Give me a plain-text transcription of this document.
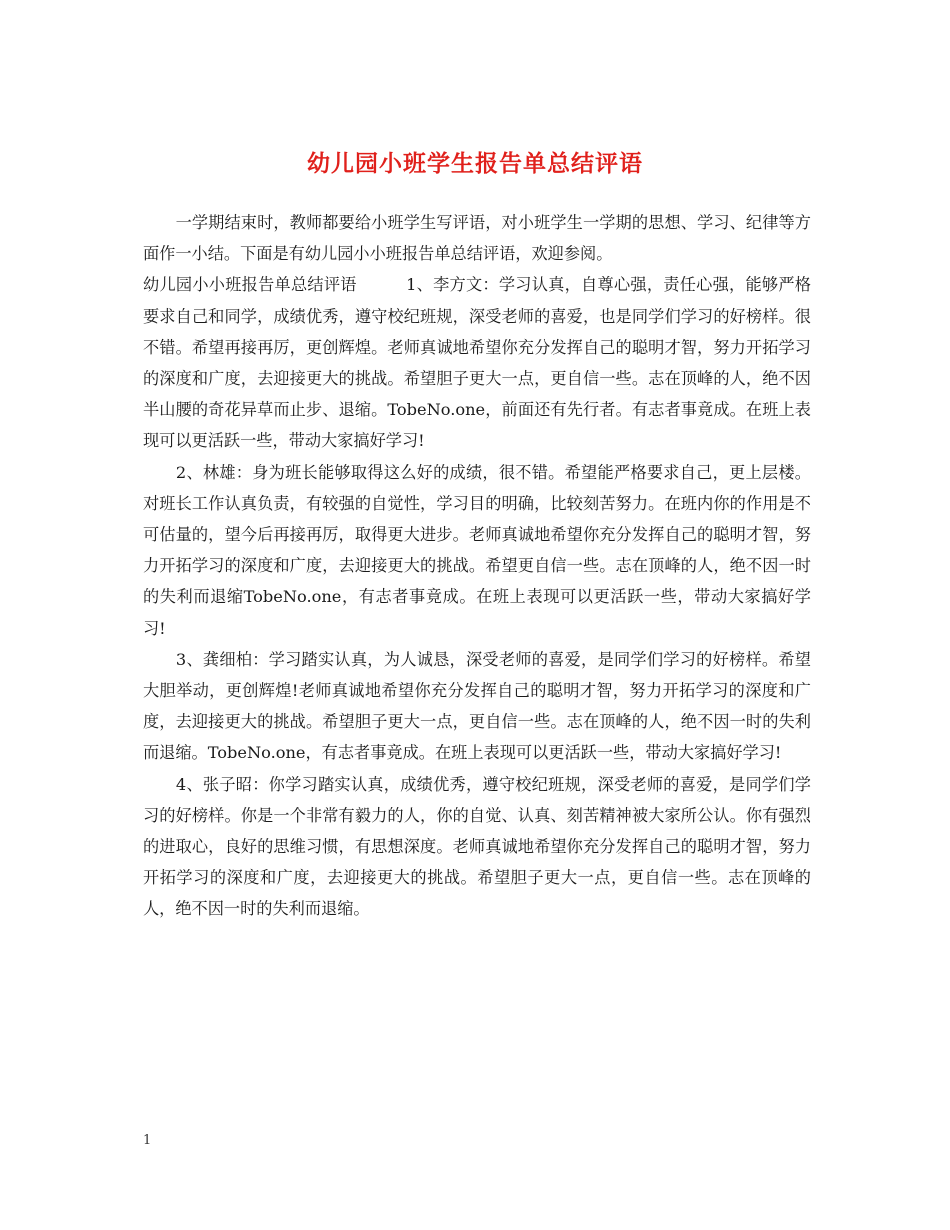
幼儿园小班学生报告单总结评语

　　一学期结束时，教师都要给小班学生写评语，对小班学生一学期的思想、学习、纪律等方面作一小结。下面是有幼儿园小小班报告单总结评语，欢迎参阅。

幼儿园小小班报告单总结评语　　　1、李方文：学习认真，自尊心强，责任心强，能够严格要求自己和同学，成绩优秀，遵守校纪班规，深受老师的喜爱，也是同学们学习的好榜样。很不错。希望再接再厉，更创辉煌。老师真诚地希望你充分发挥自己的聪明才智，努力开拓学习的深度和广度，去迎接更大的挑战。希望胆子更大一点，更自信一些。志在顶峰的人，绝不因半山腰的奇花异草而止步、退缩。TobeNo.one，前面还有先行者。有志者事竟成。在班上表现可以更活跃一些，带动大家搞好学习!

　　2、林雄：身为班长能够取得这么好的成绩，很不错。希望能严格要求自己，更上层楼。对班长工作认真负责，有较强的自觉性，学习目的明确，比较刻苦努力。在班内你的作用是不可估量的，望今后再接再厉，取得更大进步。老师真诚地希望你充分发挥自己的聪明才智，努力开拓学习的深度和广度，去迎接更大的挑战。希望更自信一些。志在顶峰的人，绝不因一时的失利而退缩TobeNo.one，有志者事竟成。在班上表现可以更活跃一些，带动大家搞好学习!

　　3、龚细柏：学习踏实认真，为人诚恳，深受老师的喜爱，是同学们学习的好榜样。希望大胆举动，更创辉煌!老师真诚地希望你充分发挥自己的聪明才智，努力开拓学习的深度和广度，去迎接更大的挑战。希望胆子更大一点，更自信一些。志在顶峰的人，绝不因一时的失利而退缩。TobeNo.one，有志者事竟成。在班上表现可以更活跃一些，带动大家搞好学习!

　　4、张子昭：你学习踏实认真，成绩优秀，遵守校纪班规，深受老师的喜爱，是同学们学习的好榜样。你是一个非常有毅力的人，你的自觉、认真、刻苦精神被大家所公认。你有强烈的进取心，良好的思维习惯，有思想深度。老师真诚地希望你充分发挥自己的聪明才智，努力开拓学习的深度和广度，去迎接更大的挑战。希望胆子更大一点，更自信一些。志在顶峰的人，绝不因一时的失利而退缩。

1
